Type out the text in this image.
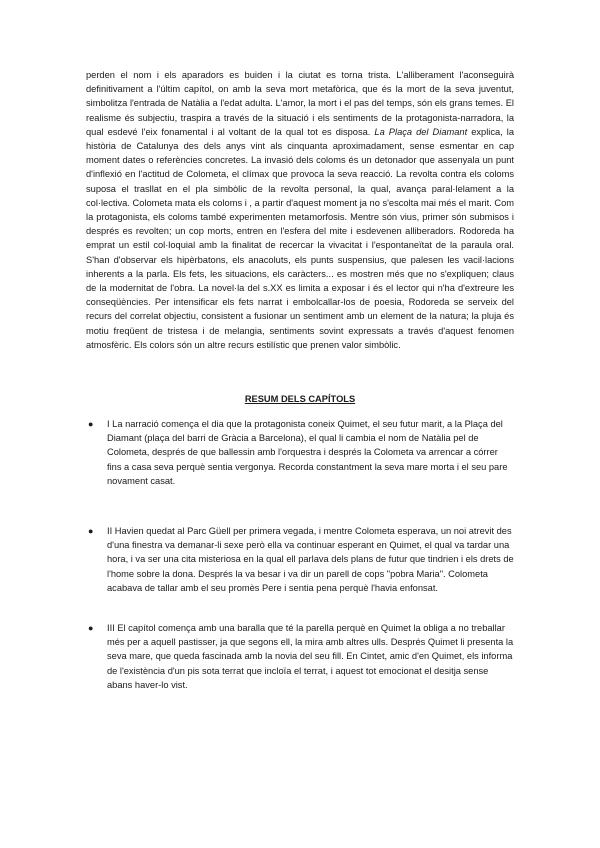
perden el nom i els aparadors es buiden i la ciutat es torna trista. L'alliberament l'aconseguirà definitivament a l'últim capítol, on amb la seva mort metafòrica, que és la mort de la seva juventut, simbolitza l'entrada de Natàlia a l'edat adulta. L'amor, la mort i el pas del temps, són els grans temes. El realisme és subjectiu, traspira a través de la situació i els sentiments de la protagonista-narradora, la qual esdevé l'eix fonamental i al voltant de la qual tot es disposa. La Plaça del Diamant explica, la història de Catalunya des dels anys vint als cinquanta aproximadament, sense esmentar en cap moment dates o referències concretes. La invasió dels coloms és un detonador que assenyala un punt d'inflexió en l'actitud de Colometa, el clímax que provoca la seva reacció. La revolta contra els coloms suposa el trasllat en el pla simbòlic de la revolta personal, la qual, avança paral·lelament a la col·lectiva. Colometa mata els coloms i , a partir d'aquest moment ja no s'escolta mai més el marit. Com la protagonista, els coloms també experimenten metamorfosis. Mentre són vius, primer són submisos i després es revolten; un cop morts, entren en l'esfera del mite i esdevenen alliberadors. Rodoreda ha emprat un estil col·loquial amb la finalitat de recercar la vivacitat i l'espontaneïtat de la paraula oral. S'han d'observar els hipèrbatons, els anacoluts, els punts suspensius, que palesen les vacil·lacions inherents a la parla. Els fets, les situacions, els caràcters... es mostren més que no s'expliquen; claus de la modernitat de l'obra. La novel·la del s.XX es limita a exposar i és el lector qui n'ha d'extreure les conseqüències. Per intensificar els fets narrat i embolcallar-los de poesia, Rodoreda se serveix del recurs del correlat objectiu, consistent a fusionar un sentiment amb un element de la natura; la pluja és motiu freqüent de tristesa i de melangia, sentiments sovint expressats a través d'aquest fenomen atmosfèric. Els colors són un altre recurs estilístic que prenen valor simbòlic.

RESUM DELS CAPÍTOLS
● I La narració comença el dia que la protagonista coneix Quimet, el seu futur marit, a la Plaça del Diamant (plaça del barri de Gràcia a Barcelona), el qual li cambia el nom de Natàlia pel de Colometa, després de que ballessin amb l'orquestra i després la Colometa va arrencar a córrer fins a casa seva perquè sentia vergonya. Recorda constantment la seva mare morta i el seu pare novament casat.
● II Havien quedat al Parc Güell per primera vegada, i mentre Colometa esperava, un noi atrevit des d'una finestra va demanar-li sexe però ella va continuar esperant en Quimet, el qual va tardar una hora, i va ser una cita misteriosa en la qual ell parlava dels plans de futur que tindrien i els drets de l'home sobre la dona. Després la va besar i va dir un parell de cops "pobra Maria". Colometa acabava de tallar amb el seu promès Pere i sentia pena perquè l'havia enfonsat.
● III El capítol comença amb una baralla que té la parella perquè en Quimet la obliga a no treballar més per a aquell pastisser, ja que segons ell, la mira amb altres ulls. Després Quimet li presenta la seva mare, que queda fascinada amb la novia del seu fill. En Cintet, amic d'en Quimet, els informa de l'existència d'un pis sota terrat que incloïa el terrat, i aquest tot emocionat el desitja sense abans haver-lo vist.
